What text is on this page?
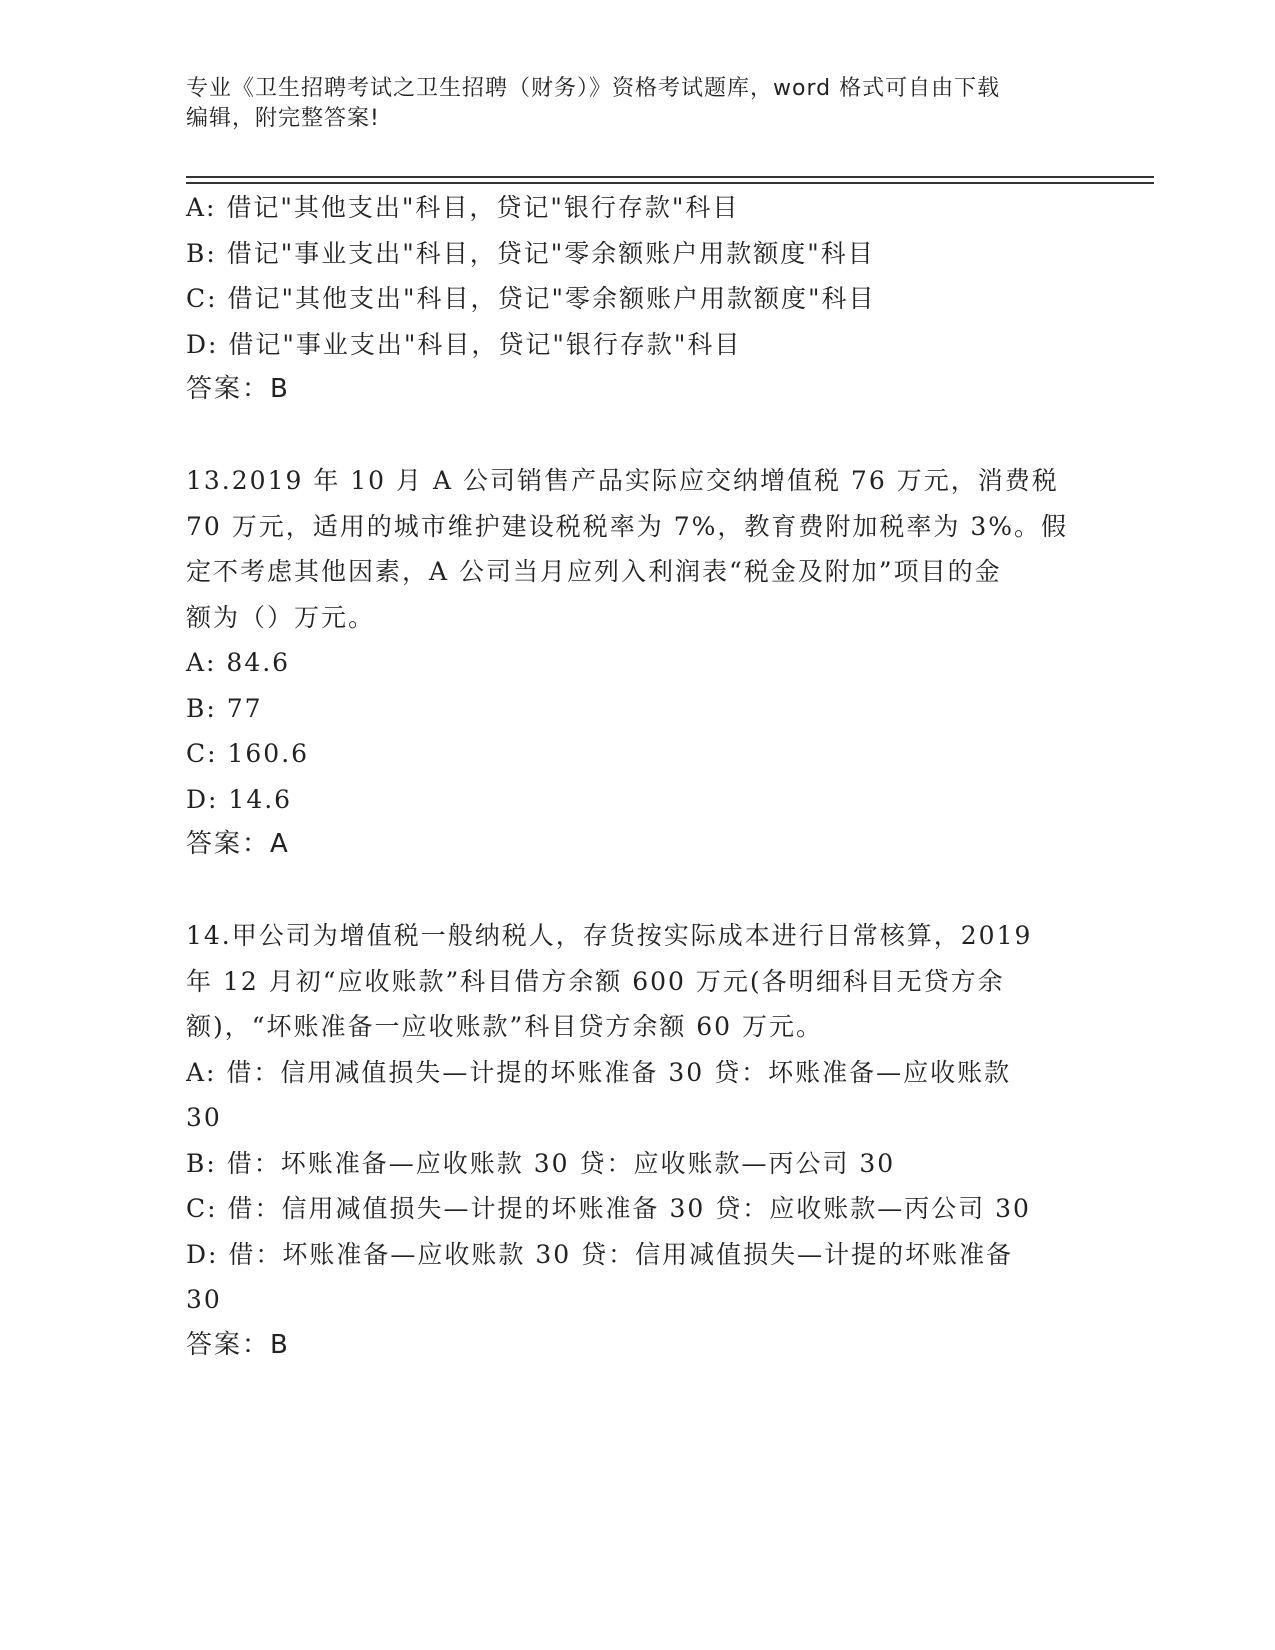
专业《卫生招聘考试之卫生招聘（财务）》资格考试题库，word 格式可自由下载
编辑，附完整答案!
A: 借记"其他支出"科目，贷记"银行存款"科目
B: 借记"事业支出"科目，贷记"零余额账户用款额度"科目
C: 借记"其他支出"科目，贷记"零余额账户用款额度"科目
D: 借记"事业支出"科目，贷记"银行存款"科目
答案：B
13.2019 年 10 月 A 公司销售产品实际应交纳增值税 76 万元，消费税
70 万元，适用的城市维护建设税税率为 7%，教育费附加税率为 3%。假
定不考虑其他因素，A 公司当月应列入利润表“税金及附加”项目的金
额为（）万元。
A: 84.6
B: 77
C: 160.6
D: 14.6
答案：A
14.甲公司为增值税一般纳税人，存货按实际成本进行日常核算，2019
年 12 月初“应收账款”科目借方余额 600 万元(各明细科目无贷方余
额)，“坏账准备一应收账款”科目贷方余额 60 万元。
A: 借：信用减值损失—计提的坏账准备 30 贷：坏账准备—应收账款
30
B: 借：坏账准备—应收账款 30 贷：应收账款—丙公司 30
C: 借：信用减值损失—计提的坏账准备 30 贷：应收账款—丙公司 30
D: 借：坏账准备—应收账款 30 贷：信用减值损失—计提的坏账准备
30
答案：B
